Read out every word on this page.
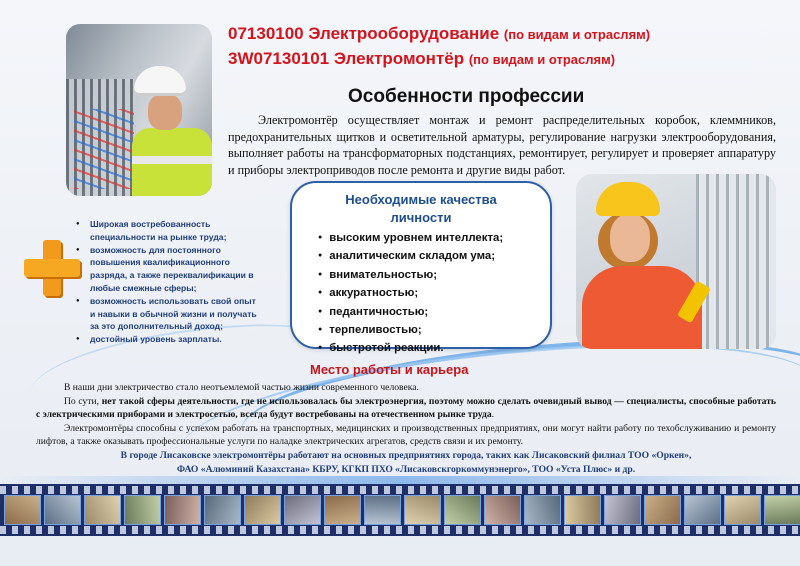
07130100 Электрооборудование (по видам и отраслям)
3W07130101 Электромонтёр (по видам и отраслям)
Особенности профессии

Электромонтёр осуществляет монтаж и ремонт распределительных коробок, клеммников, предохранительных щитков и осветительной арматуры, регулирование нагрузки электрооборудования, выполняет работы на трансформаторных подстанциях, ремонтирует, регулирует и проверяет аппаратуру и приборы электроприводов после ремонта и другие виды работ.

Необходимые качества
личности
● высоким уровнем интеллекта;
● аналитическим складом ума;
● внимательностью;
● аккуратностью;
● педантичностью;
● терпеливостью;
● быстротой реакции.
● Широкая востребованность специальности на рынке труда;
● возможность для постоянного повышения квалификационного разряда, а также переквалификации в любые смежные сферы;
● возможность использовать свой опыт и навыки в обычной жизни и получать за это дополнительный доход;
● достойный уровень зарплаты.
Место работы и карьера

В наши дни электричество стало неотъемлемой частью жизни современного человека.

По сути, нет такой сферы деятельности, где не использовалась бы электроэнергия, поэтому можно сделать очевидный вывод — специалисты, способные работать с электрическими приборами и электросетью, всегда будут востребованы на отечественном рынке труда.

Электромонтёры способны с успехом работать на транспортных, медицинских и производственных предприятиях, они могут найти работу по техобслуживанию и ремонту лифтов, а также оказывать профессиональные услуги по наладке электрических агрегатов, средств связи и их ремонту.

В городе Лисаковске электромонтёры работают на основных предприятиях города, таких как Лисаковский филиал ТОО «Оркен»,

ФАО «Алюминий Казахстана» КБРУ, КГКП ПХО «Лисаковскгоркоммунэнерго», ТОО «Уста Плюс» и др.
